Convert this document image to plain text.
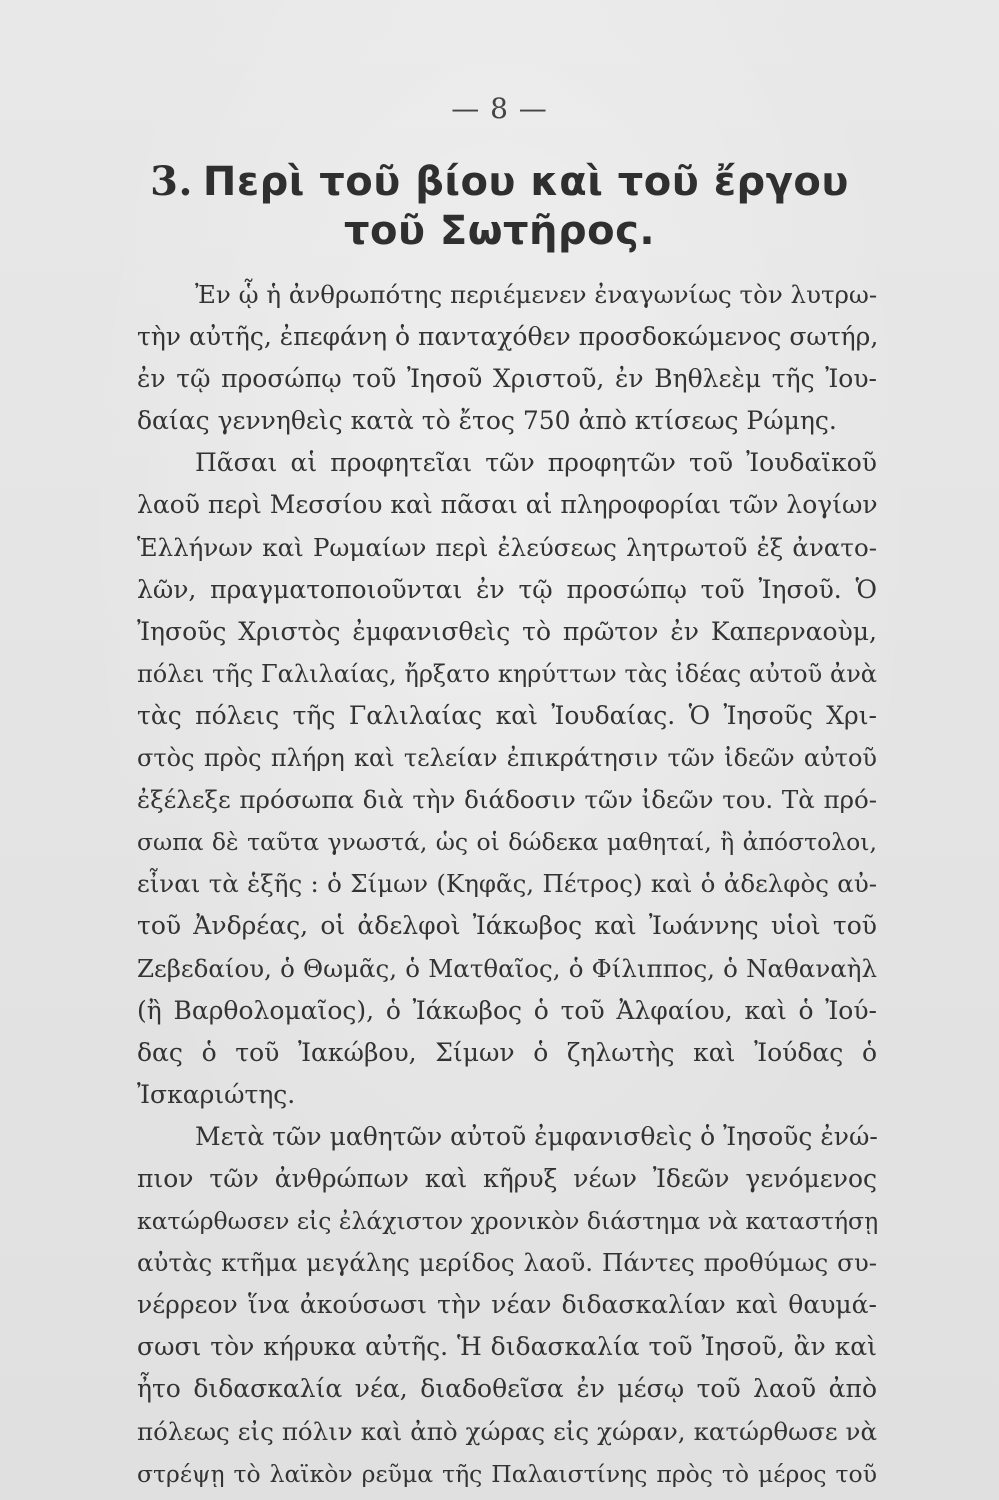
— 8 —
3. Περὶ τοῦ βίου καὶ τοῦ ἔργου
τοῦ Σωτῆρος.
Ἐν ᾧ ἡ ἀνθρωπότης περιέμενεν ἐναγωνίως τὸν λυτρω-
τὴν αὐτῆς, ἐπεφάνη ὁ πανταχόθεν προσδοκώμενος σωτήρ,
ἐν τῷ προσώπῳ τοῦ Ἰησοῦ Χριστοῦ, ἐν Βηθλεὲμ τῆς Ἰου-
δαίας γεννηθεὶς κατὰ τὸ ἔτος 750 ἀπὸ κτίσεως Ρώμης.
Πᾶσαι αἱ προφητεῖαι τῶν προφητῶν τοῦ Ἰουδαϊκοῦ
λαοῦ περὶ Μεσσίου καὶ πᾶσαι αἱ πληροφορίαι τῶν λογίων
Ἑλλήνων καὶ Ρωμαίων περὶ ἐλεύσεως λητρωτοῦ ἐξ ἀνατο-
λῶν, πραγματοποιοῦνται ἐν τῷ προσώπῳ τοῦ Ἰησοῦ. Ὁ
Ἰησοῦς Χριστὸς ἐμφανισθεὶς τὸ πρῶτον ἐν Καπερναοὺμ,
πόλει τῆς Γαλιλαίας, ἤρξατο κηρύττων τὰς ἰδέας αὐτοῦ ἀνὰ
τὰς πόλεις τῆς Γαλιλαίας καὶ Ἰουδαίας. Ὁ Ἰησοῦς Χρι-
στὸς πρὸς πλήρη καὶ τελείαν ἐπικράτησιν τῶν ἰδεῶν αὐτοῦ
ἐξέλεξε πρόσωπα διὰ τὴν διάδοσιν τῶν ἰδεῶν του. Τὰ πρό-
σωπα δὲ ταῦτα γνωστά, ὡς οἱ δώδεκα μαθηταί, ἢ ἀπόστολοι,
εἶναι τὰ ἑξῆς : ὁ Σίμων (Κηφᾶς, Πέτρος) καὶ ὁ ἀδελφὸς αὐ-
τοῦ Ἀνδρέας, οἱ ἀδελφοὶ Ἰάκωβος καὶ Ἰωάννης υἱοὶ τοῦ
Ζεβεδαίου, ὁ Θωμᾶς, ὁ Ματθαῖος, ὁ Φίλιππος, ὁ Ναθαναὴλ
(ἢ Βαρθολομαῖος), ὁ Ἰάκωβος ὁ τοῦ Ἀλφαίου, καὶ ὁ Ἰού-
δας ὁ τοῦ Ἰακώβου, Σίμων ὁ ζηλωτὴς καὶ Ἰούδας ὁ
Ἰσκαριώτης.
Μετὰ τῶν μαθητῶν αὐτοῦ ἐμφανισθεὶς ὁ Ἰησοῦς ἐνώ-
πιον τῶν ἀνθρώπων καὶ κῆρυξ νέων Ἰδεῶν γενόμενος
κατώρθωσεν εἰς ἐλάχιστον χρονικὸν διάστημα νὰ καταστήσῃ
αὐτὰς κτῆμα μεγάλης μερίδος λαοῦ. Πάντες προθύμως συ-
νέρρεον ἵνα ἀκούσωσι τὴν νέαν διδασκαλίαν καὶ θαυμά-
σωσι τὸν κήρυκα αὐτῆς. Ἡ διδασκαλία τοῦ Ἰησοῦ, ἂν καὶ
ἦτο διδασκαλία νέα, διαδοθεῖσα ἐν μέσῳ τοῦ λαοῦ ἀπὸ
πόλεως εἰς πόλιν καὶ ἀπὸ χώρας εἰς χώραν, κατώρθωσε νὰ
στρέψῃ τὸ λαϊκὸν ρεῦμα τῆς Παλαιστίνης πρὸς τὸ μέρος τοῦ
